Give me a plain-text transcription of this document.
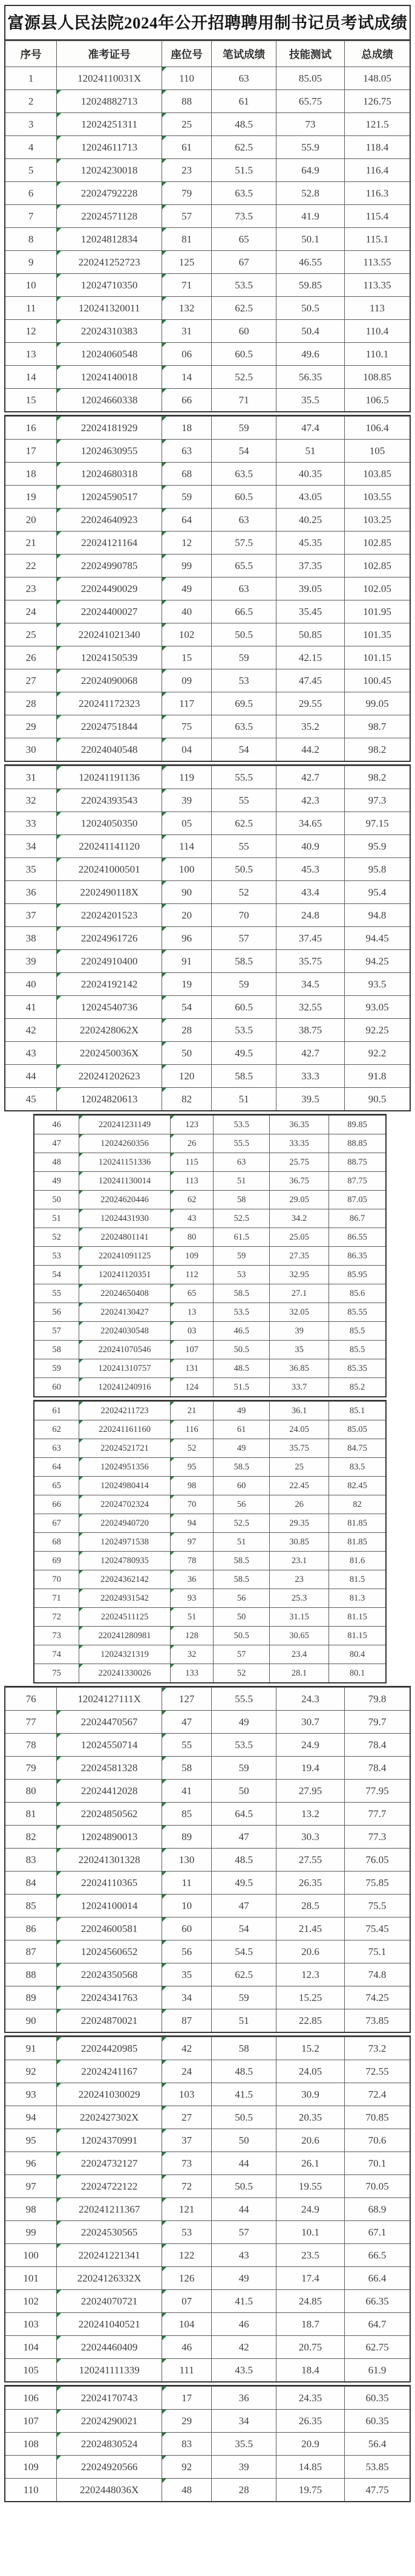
富源县人民法院2024年公开招聘聘用制书记员考试成绩
序号	准考证号	座位号	笔试成绩	技能测试	总成绩
1	12024110031X	110	63	85.05	148.05
2	12024882713	88	61	65.75	126.75
3	12024251311	25	48.5	73	121.5
4	12024611713	61	62.5	55.9	118.4
5	12024230018	23	51.5	64.9	116.4
6	22024792228	79	63.5	52.8	116.3
7	22024571128	57	73.5	41.9	115.4
8	12024812834	81	65	50.1	115.1
9	220241252723	125	67	46.55	113.55
10	12024710350	71	53.5	59.85	113.35
11	120241320011	132	62.5	50.5	113
12	22024310383	31	60	50.4	110.4
13	12024060548	06	60.5	49.6	110.1
14	12024140018	14	52.5	56.35	108.85
15	12024660338	66	71	35.5	106.5
16	22024181929	18	59	47.4	106.4
17	12024630955	63	54	51	105
18	12024680318	68	63.5	40.35	103.85
19	12024590517	59	60.5	43.05	103.55
20	22024640923	64	63	40.25	103.25
21	22024121164	12	57.5	45.35	102.85
22	22024990785	99	65.5	37.35	102.85
23	22024490029	49	63	39.05	102.05
24	22024400027	40	66.5	35.45	101.95
25	220241021340	102	50.5	50.85	101.35
26	12024150539	15	59	42.15	101.15
27	22024090068	09	53	47.45	100.45
28	220241172323	117	69.5	29.55	99.05
29	22024751844	75	63.5	35.2	98.7
30	22024040548	04	54	44.2	98.2
31	120241191136	119	55.5	42.7	98.2
32	22024393543	39	55	42.3	97.3
33	12024050350	05	62.5	34.65	97.15
34	220241141120	114	55	40.9	95.9
35	220241000501	100	50.5	45.3	95.8
36	2202490118X	90	52	43.4	95.4
37	22024201523	20	70	24.8	94.8
38	22024961726	96	57	37.45	94.45
39	22024910400	91	58.5	35.75	94.25
40	22024192142	19	59	34.5	93.5
41	12024540736	54	60.5	32.55	93.05
42	2202428062X	28	53.5	38.75	92.25
43	2202450036X	50	49.5	42.7	92.2
44	220241202623	120	58.5	33.3	91.8
45	12024820613	82	51	39.5	90.5
46	220241231149	123	53.5	36.35	89.85
47	12024260356	26	55.5	33.35	88.85
48	120241151336	115	63	25.75	88.75
49	120241130014	113	51	36.75	87.75
50	22024620446	62	58	29.05	87.05
51	12024431930	43	52.5	34.2	86.7
52	22024801141	80	61.5	25.05	86.55
53	220241091125	109	59	27.35	86.35
54	120241120351	112	53	32.95	85.95
55	22024650408	65	58.5	27.1	85.6
56	22024130427	13	53.5	32.05	85.55
57	22024030548	03	46.5	39	85.5
58	220241070546	107	50.5	35	85.5
59	120241310757	131	48.5	36.85	85.35
60	120241240916	124	51.5	33.7	85.2
61	22024211723	21	49	36.1	85.1
62	220241161160	116	61	24.05	85.05
63	22024521721	52	49	35.75	84.75
64	12024951356	95	58.5	25	83.5
65	12024980414	98	60	22.45	82.45
66	22024702324	70	56	26	82
67	22024940720	94	52.5	29.35	81.85
68	12024971538	97	51	30.85	81.85
69	12024780935	78	58.5	23.1	81.6
70	22024362142	36	58.5	23	81.5
71	22024931542	93	56	25.3	81.3
72	22024511125	51	50	31.15	81.15
73	220241280981	128	50.5	30.65	81.15
74	12024321319	32	57	23.4	80.4
75	220241330026	133	52	28.1	80.1
76	12024127111X	127	55.5	24.3	79.8
77	22024470567	47	49	30.7	79.7
78	12024550714	55	53.5	24.9	78.4
79	22024581328	58	59	19.4	78.4
80	22024412028	41	50	27.95	77.95
81	22024850562	85	64.5	13.2	77.7
82	12024890013	89	47	30.3	77.3
83	220241301328	130	48.5	27.55	76.05
84	22024110365	11	49.5	26.35	75.85
85	12024100014	10	47	28.5	75.5
86	22024600581	60	54	21.45	75.45
87	12024560652	56	54.5	20.6	75.1
88	22024350568	35	62.5	12.3	74.8
89	22024341763	34	59	15.25	74.25
90	22024870021	87	51	22.85	73.85
91	22024420985	42	58	15.2	73.2
92	22024241167	24	48.5	24.05	72.55
93	220241030029	103	41.5	30.9	72.4
94	2202427302X	27	50.5	20.35	70.85
95	12024370991	37	50	20.6	70.6
96	22024732127	73	44	26.1	70.1
97	22024722122	72	50.5	19.55	70.05
98	220241211367	121	44	24.9	68.9
99	22024530565	53	57	10.1	67.1
100	220241221341	122	43	23.5	66.5
101	22024126332X	126	49	17.4	66.4
102	22024070721	07	41.5	24.85	66.35
103	220241040521	104	46	18.7	64.7
104	22024460409	46	42	20.75	62.75
105	120241111339	111	43.5	18.4	61.9
106	22024170743	17	36	24.35	60.35
107	22024290021	29	34	26.35	60.35
108	22024830524	83	35.5	20.9	56.4
109	22024920566	92	39	14.85	53.85
110	2202448036X	48	28	19.75	47.75
